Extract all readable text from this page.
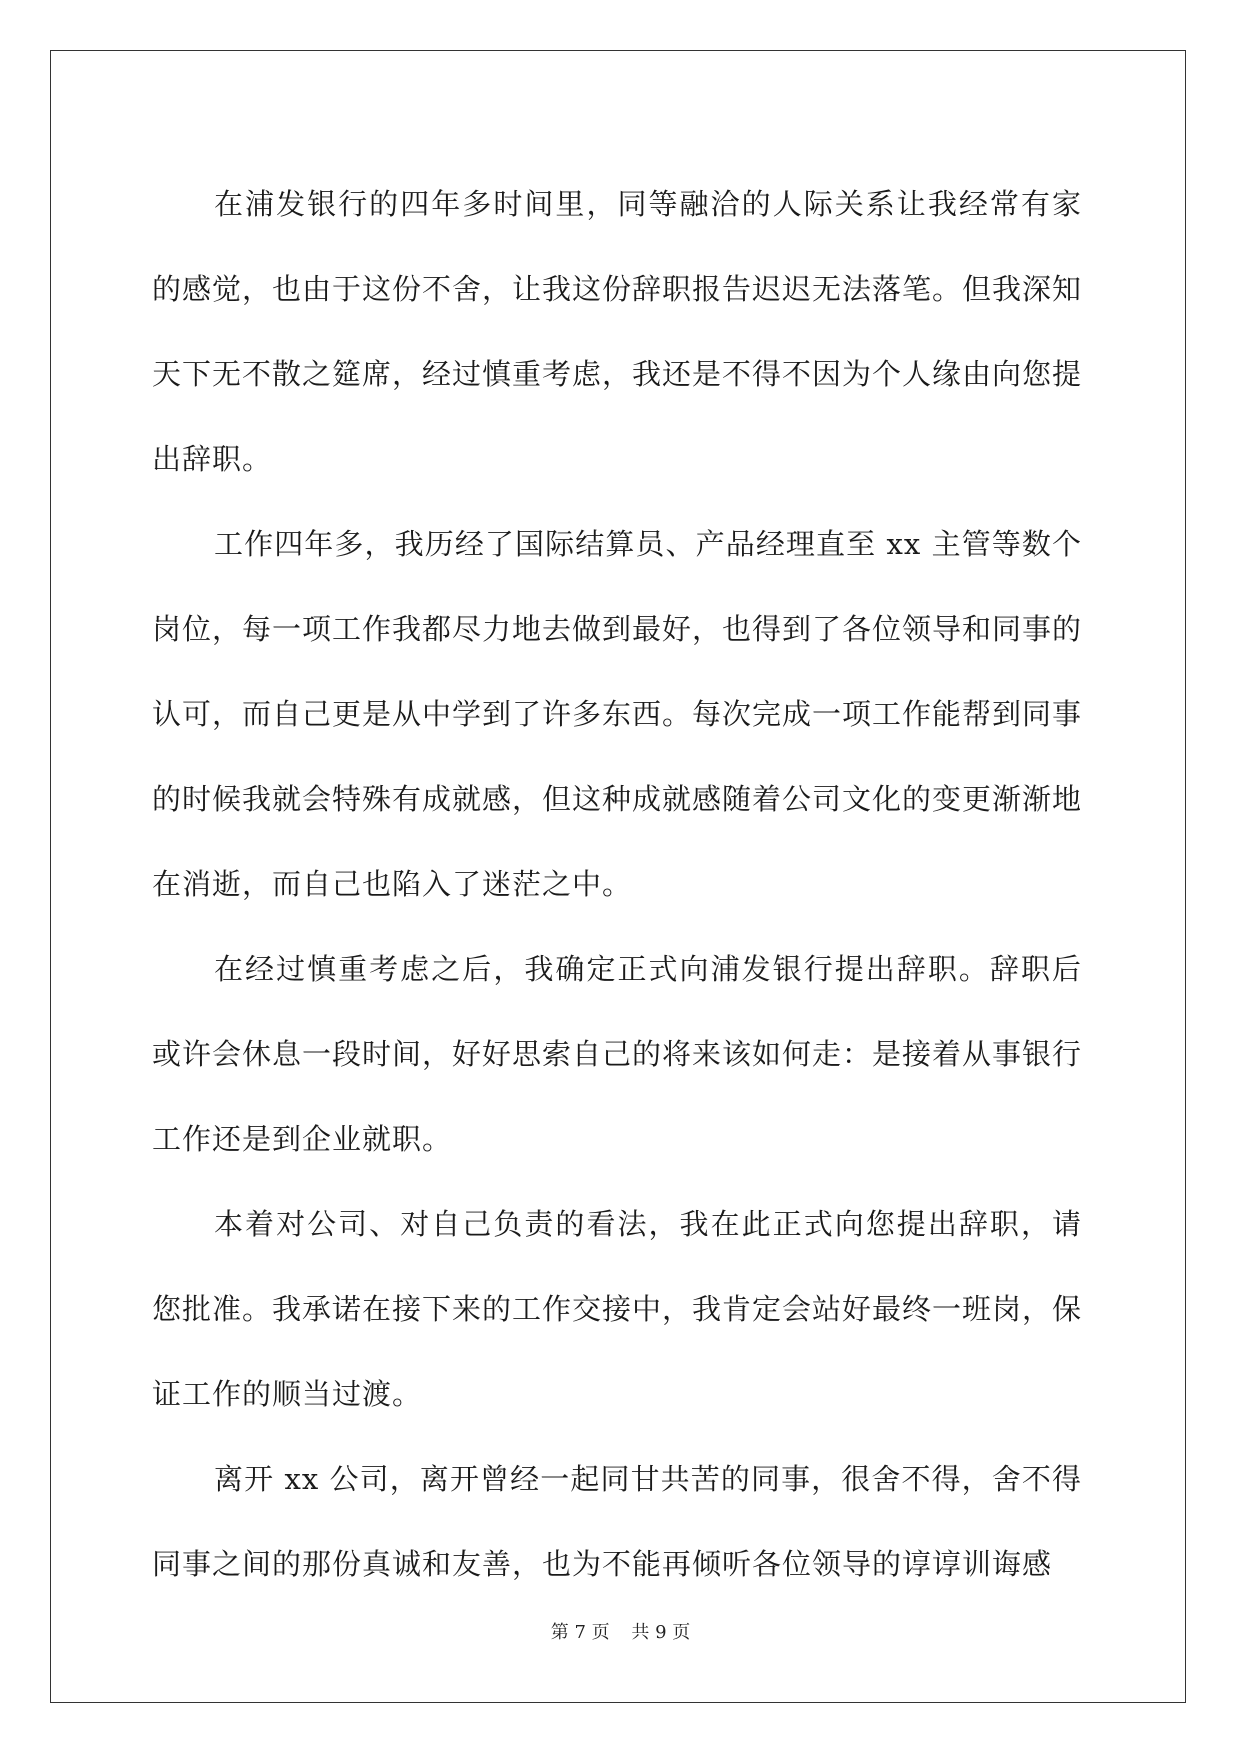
在浦发银行的四年多时间里，同等融洽的人际关系让我经常有家的感觉，也由于这份不舍，让我这份辞职报告迟迟无法落笔。但我深知天下无不散之筵席，经过慎重考虑，我还是不得不因为个人缘由向您提出辞职。

工作四年多，我历经了国际结算员、产品经理直至 xx 主管等数个岗位，每一项工作我都尽力地去做到最好，也得到了各位领导和同事的认可，而自己更是从中学到了许多东西。每次完成一项工作能帮到同事的时候我就会特殊有成就感，但这种成就感随着公司文化的变更渐渐地在消逝，而自己也陷入了迷茫之中。

在经过慎重考虑之后，我确定正式向浦发银行提出辞职。辞职后或许会休息一段时间，好好思索自己的将来该如何走：是接着从事银行工作还是到企业就职。

本着对公司、对自己负责的看法，我在此正式向您提出辞职，请您批准。我承诺在接下来的工作交接中，我肯定会站好最终一班岗，保证工作的顺当过渡。

离开 xx 公司，离开曾经一起同甘共苦的同事，很舍不得，舍不得同事之间的那份真诚和友善，也为不能再倾听各位领导的谆谆训诲感

第 7 页 共 9 页
